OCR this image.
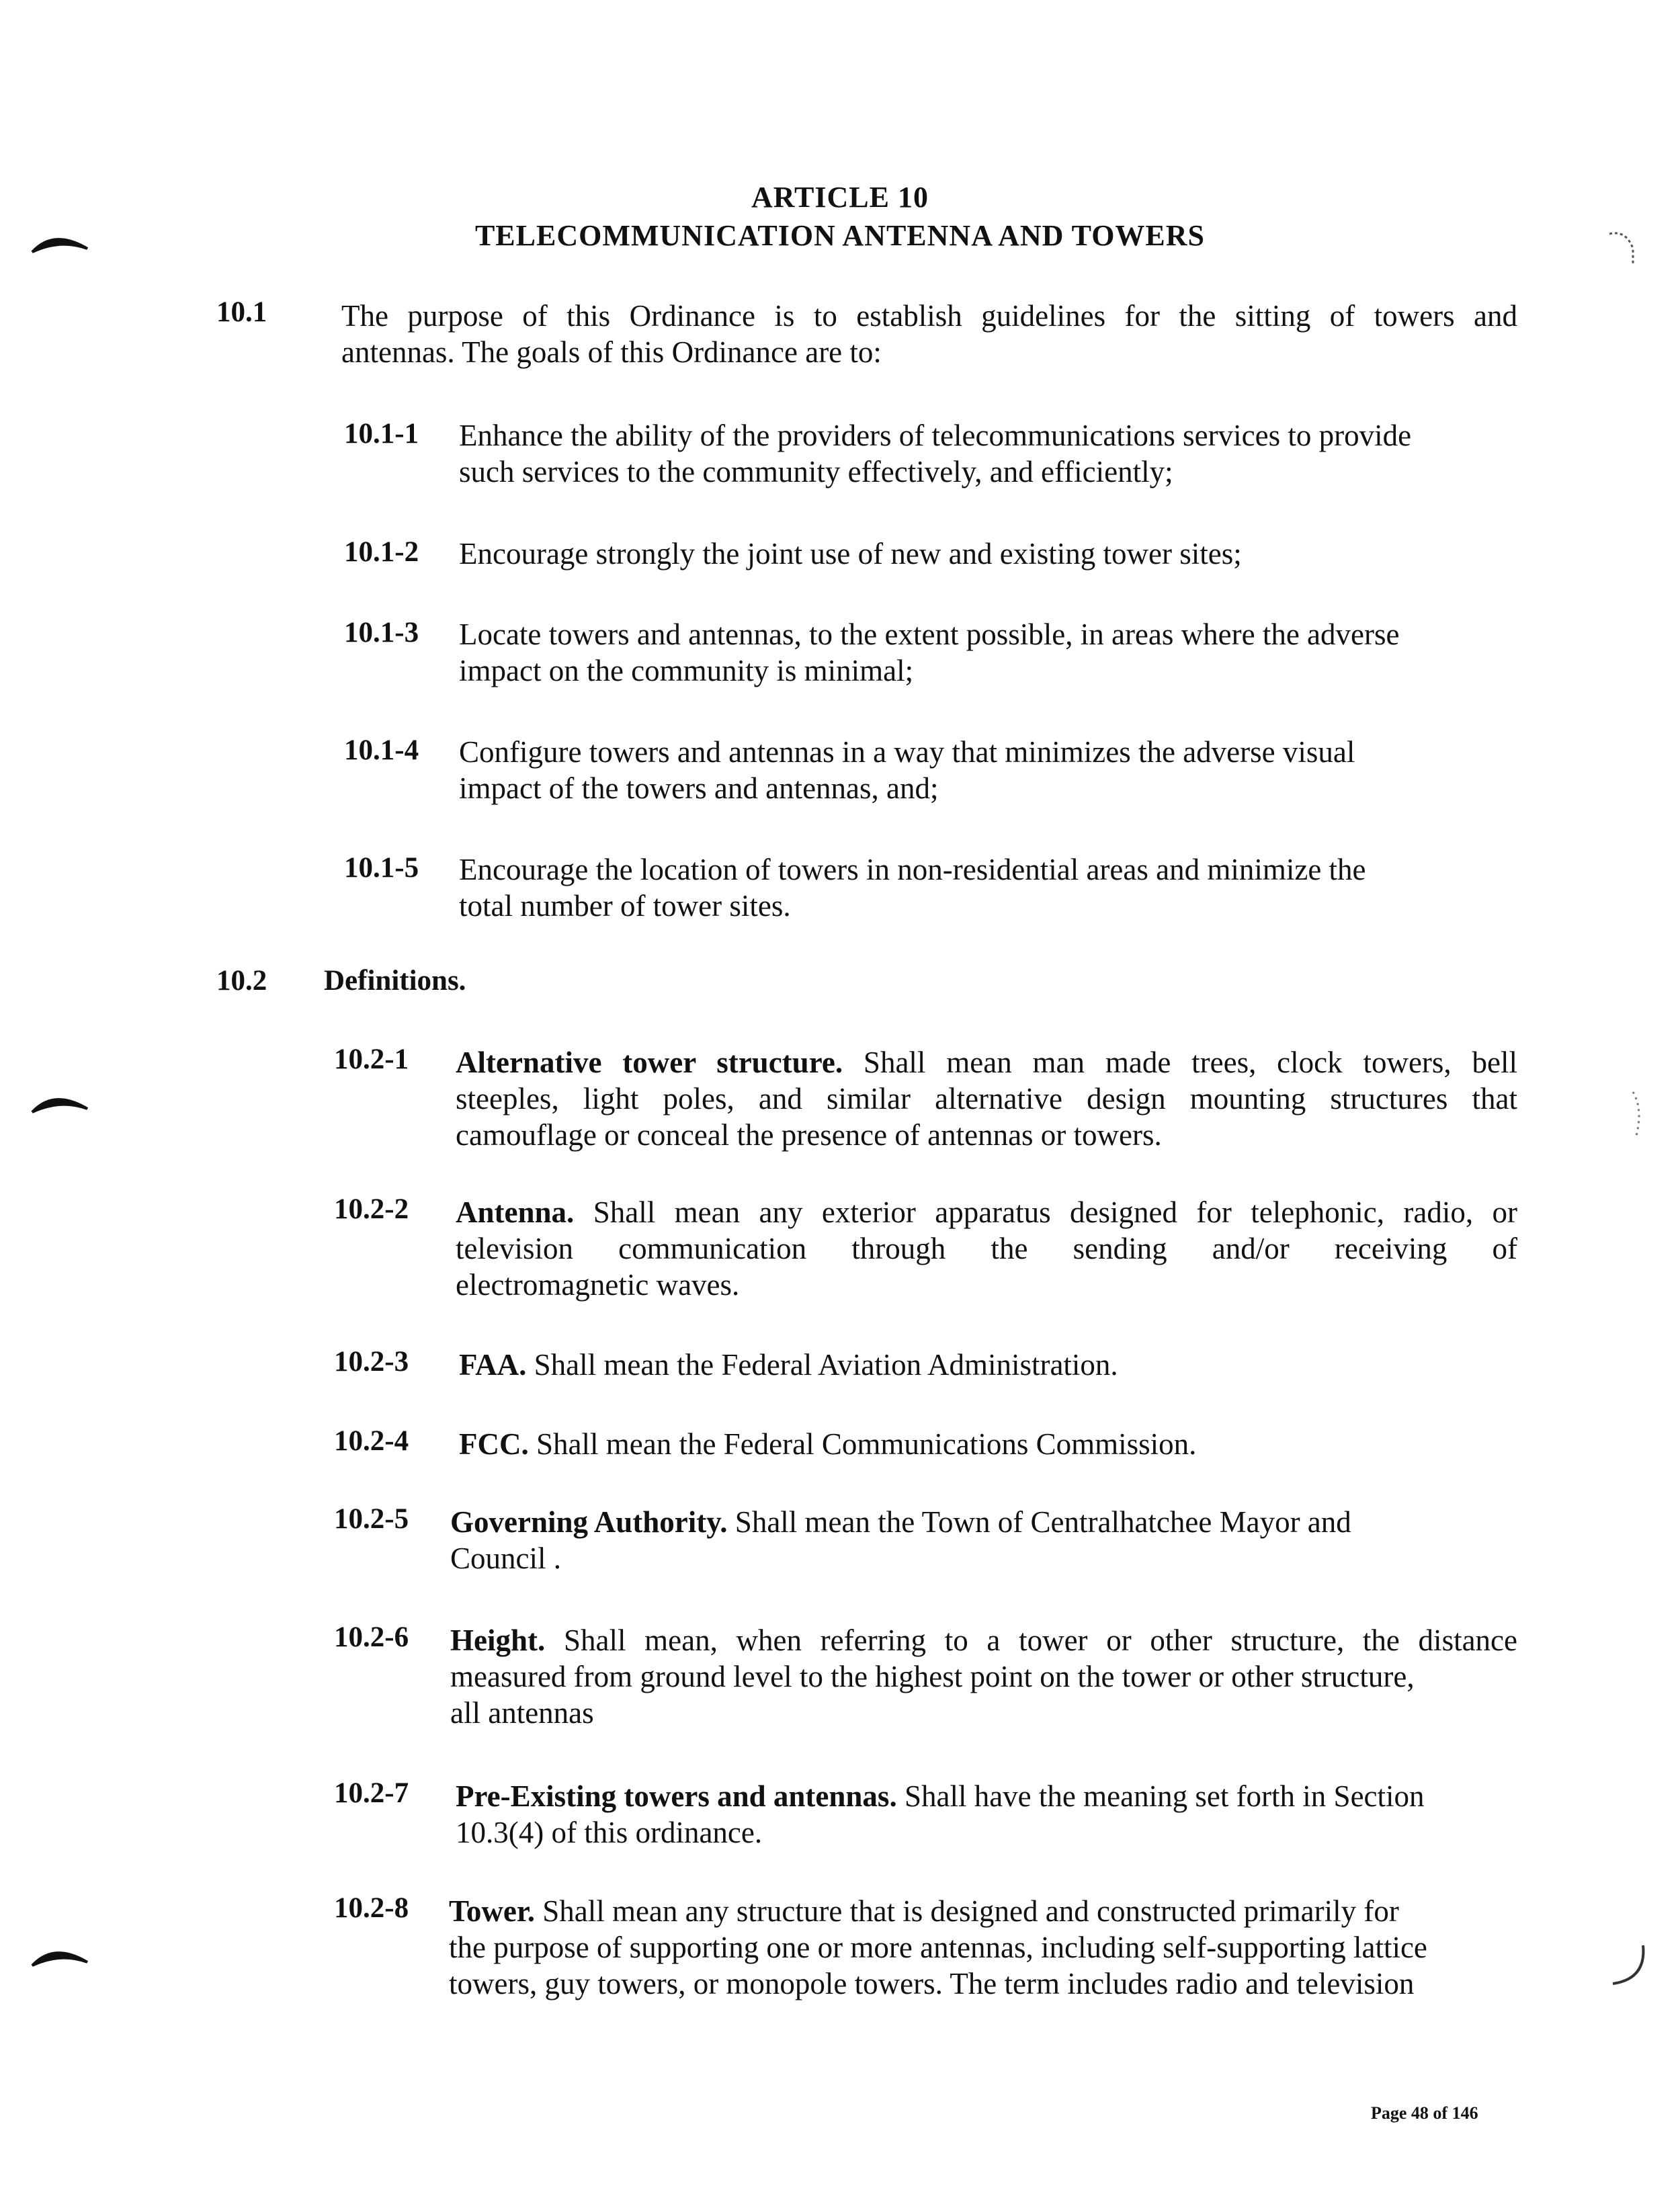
ARTICLE 10
TELECOMMUNICATION ANTENNA AND TOWERS
10.1 The purpose of this Ordinance is to establish guidelines for the sitting of towers and
antennas. The goals of this Ordinance are to:
10.1-1 Enhance the ability of the providers of telecommunications services to provide
such services to the community effectively, and efficiently;
10.1-2 Encourage strongly the joint use of new and existing tower sites;
10.1-3 Locate towers and antennas, to the extent possible, in areas where the adverse
impact on the community is minimal;
10.1-4 Configure towers and antennas in a way that minimizes the adverse visual
impact of the towers and antennas, and;
10.1-5 Encourage the location of towers in non-residential areas and minimize the
total number of tower sites.
10.2 Definitions.
10.2-1 Alternative tower structure. Shall mean man made trees, clock towers, bell
steeples, light poles, and similar alternative design mounting structures that
camouflage or conceal the presence of antennas or towers.
10.2-2 Antenna. Shall mean any exterior apparatus designed for telephonic, radio, or
television communication through the sending and/or receiving of
electromagnetic waves.
10.2-3 FAA. Shall mean the Federal Aviation Administration.
10.2-4 FCC. Shall mean the Federal Communications Commission.
10.2-5 Governing Authority. Shall mean the Town of Centralhatchee Mayor and
Council .
10.2-6 Height. Shall mean, when referring to a tower or other structure, the distance
measured from ground level to the highest point on the tower or other structure,
all antennas
10.2-7 Pre-Existing towers and antennas. Shall have the meaning set forth in Section
10.3(4) of this ordinance.
10.2-8 Tower. Shall mean any structure that is designed and constructed primarily for
the purpose of supporting one or more antennas, including self-supporting lattice
towers, guy towers, or monopole towers. The term includes radio and television
Page 48 of 146
